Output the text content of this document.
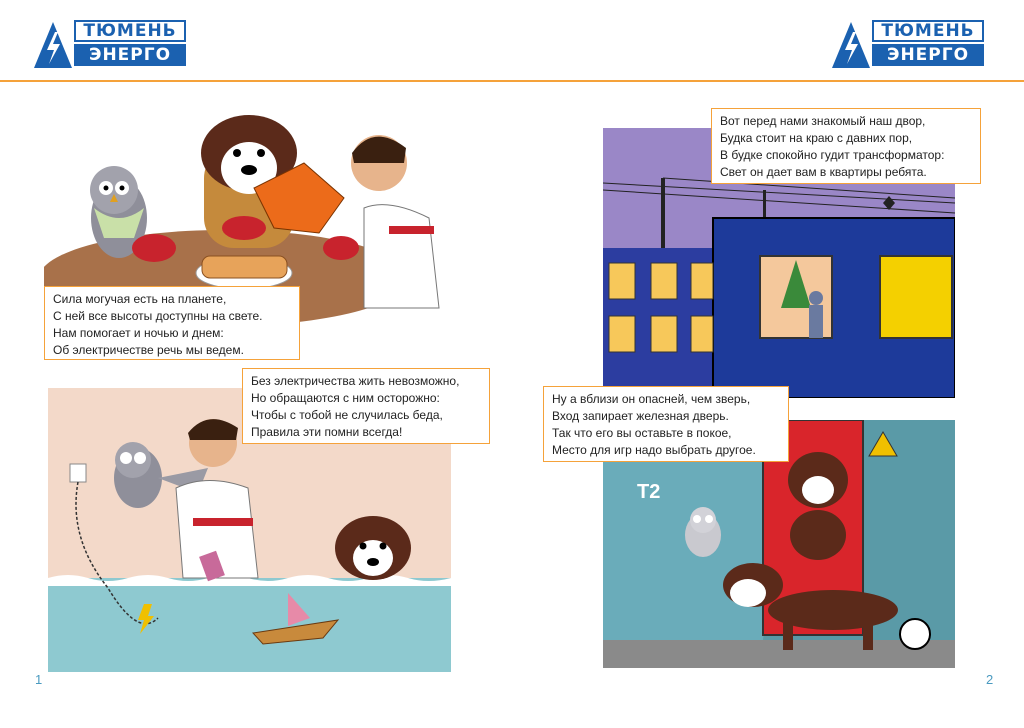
ТЮМЕНЬ
ЭНЕРГО
ТЮМЕНЬ
ЭНЕРГО
Сила могучая есть на планете,
С ней все высоты доступны на свете.
Нам помогает и ночью и днем:
Об электричестве речь мы ведем.
Без электричества жить невозможно,
Но обращаются с ним осторожно:
Чтобы с тобой не случилась беда,
Правила эти помни всегда!
Вот перед нами знакомый наш двор,
Будка стоит на краю с давних пор,
В будке спокойно гудит трансформатор:
Свет он дает вам в квартиры ребята.
T2
Ну а вблизи он опасней, чем зверь,
Вход запирает железная дверь.
Так что его вы оставьте в покое,
Место для игр надо выбрать другое.
1	2
